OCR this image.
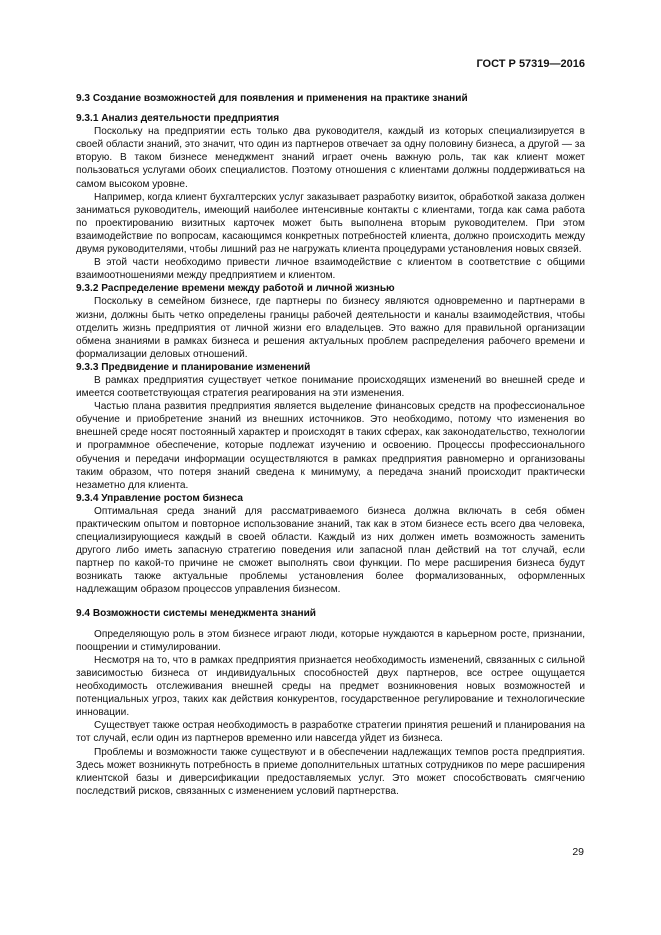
ГОСТ Р 57319—2016
9.3 Создание возможностей для появления и применения на практике знаний
9.3.1 Анализ деятельности предприятия

Поскольку на предприятии есть только два руководителя, каждый из которых специализируется в своей области знаний, это значит, что один из партнеров отвечает за одну половину бизнеса, а другой — за вторую. В таком бизнесе менеджмент знаний играет очень важную роль, так как клиент может пользоваться услугами обоих специалистов. Поэтому отношения с клиентами должны поддерживаться на самом высоком уровне.

Например, когда клиент бухгалтерских услуг заказывает разработку визиток, обработкой заказа должен заниматься руководитель, имеющий наиболее интенсивные контакты с клиентами, тогда как сама работа по проектированию визитных карточек может быть выполнена вторым руководителем. При этом взаимодействие по вопросам, касающимся конкретных потребностей клиента, должно происходить между двумя руководителями, чтобы лишний раз не нагружать клиента процедурами установления новых связей.

В этой части необходимо привести личное взаимодействие с клиентом в соответствие с общими взаимоотношениями между предприятием и клиентом.

9.3.2 Распределение времени между работой и личной жизнью

Поскольку в семейном бизнесе, где партнеры по бизнесу являются одновременно и партнерами в жизни, должны быть четко определены границы рабочей деятельности и каналы взаимодействия, чтобы отделить жизнь предприятия от личной жизни его владельцев. Это важно для правильной организации обмена знаниями в рамках бизнеса и решения актуальных проблем распределения рабочего времени и формализации деловых отношений.

9.3.3 Предвидение и планирование изменений

В рамках предприятия существует четкое понимание происходящих изменений во внешней среде и имеется соответствующая стратегия реагирования на эти изменения.

Частью плана развития предприятия является выделение финансовых средств на профессиональное обучение и приобретение знаний из внешних источников. Это необходимо, потому что изменения во внешней среде носят постоянный характер и происходят в таких сферах, как законодательство, технологии и программное обеспечение, которые подлежат изучению и освоению. Процессы профессионального обучения и передачи информации осуществляются в рамках предприятия равномерно и организованы таким образом, что потеря знаний сведена к минимуму, а передача знаний происходит практически незаметно для клиента.

9.3.4 Управление ростом бизнеса

Оптимальная среда знаний для рассматриваемого бизнеса должна включать в себя обмен практическим опытом и повторное использование знаний, так как в этом бизнесе есть всего два человека, специализирующиеся каждый в своей области. Каждый из них должен иметь возможность заменить другого либо иметь запасную стратегию поведения или запасной план действий на тот случай, если партнер по какой-то причине не сможет выполнять свои функции. По мере расширения бизнеса будут возникать также актуальные проблемы установления более формализованных, оформленных надлежащим образом процессов управления бизнесом.

9.4 Возможности системы менеджмента знаний

Определяющую роль в этом бизнесе играют люди, которые нуждаются в карьерном росте, признании, поощрении и стимулировании.

Несмотря на то, что в рамках предприятия признается необходимость изменений, связанных с сильной зависимостью бизнеса от индивидуальных способностей двух партнеров, все острее ощущается необходимость отслеживания внешней среды на предмет возникновения новых возможностей и потенциальных угроз, таких как действия конкурентов, государственное регулирование и технологические инновации.

Существует также острая необходимость в разработке стратегии принятия решений и планирования на тот случай, если один из партнеров временно или навсегда уйдет из бизнеса.

Проблемы и возможности также существуют и в обеспечении надлежащих темпов роста предприятия. Здесь может возникнуть потребность в приеме дополнительных штатных сотрудников по мере расширения клиентской базы и диверсификации предоставляемых услуг. Это может способствовать смягчению последствий рисков, связанных с изменением условий партнерства.

29
